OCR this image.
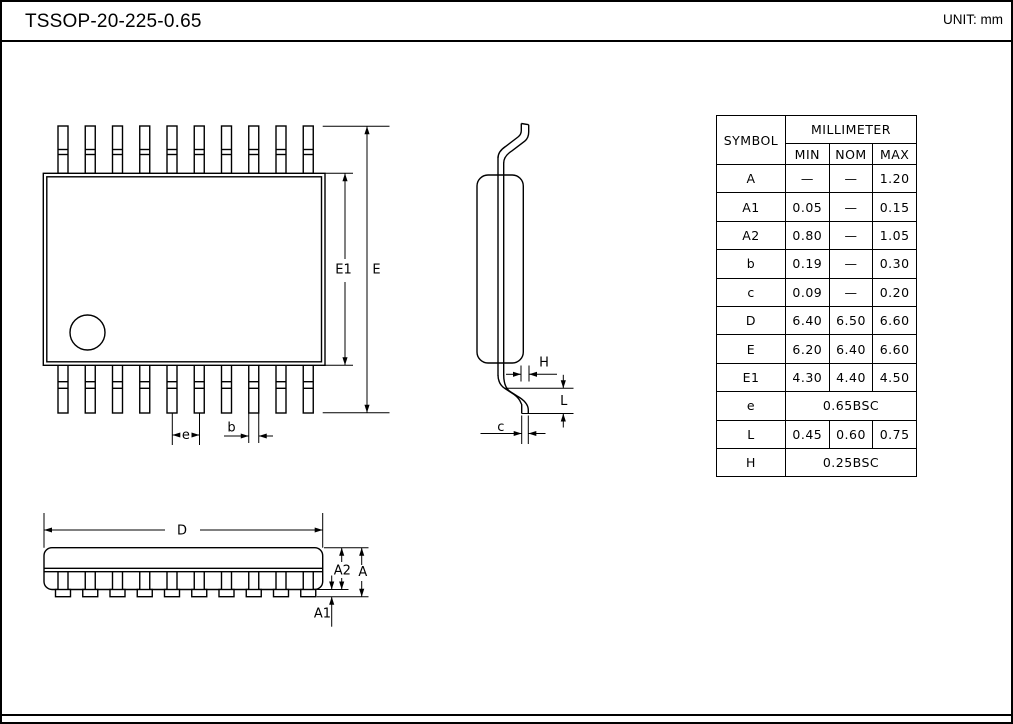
TSSOP-20-225-0.65	UNIT: mm
E1 E
e	b
H
L
c
D
A2 A
A1
SYMBOL	MILLIMETER		
	MIN	NOM	MAX
A	—	—	1.20
A1	0.05	—	0.15
A2	0.80	—	1.05
b	0.19	—	0.30
c	0.09	—	0.20
D	6.40	6.50	6.60
E	6.20	6.40	6.60
E1	4.30	4.40	4.50
e	0.65BSC		
L	0.45	0.60	0.75
H	0.25BSC		
